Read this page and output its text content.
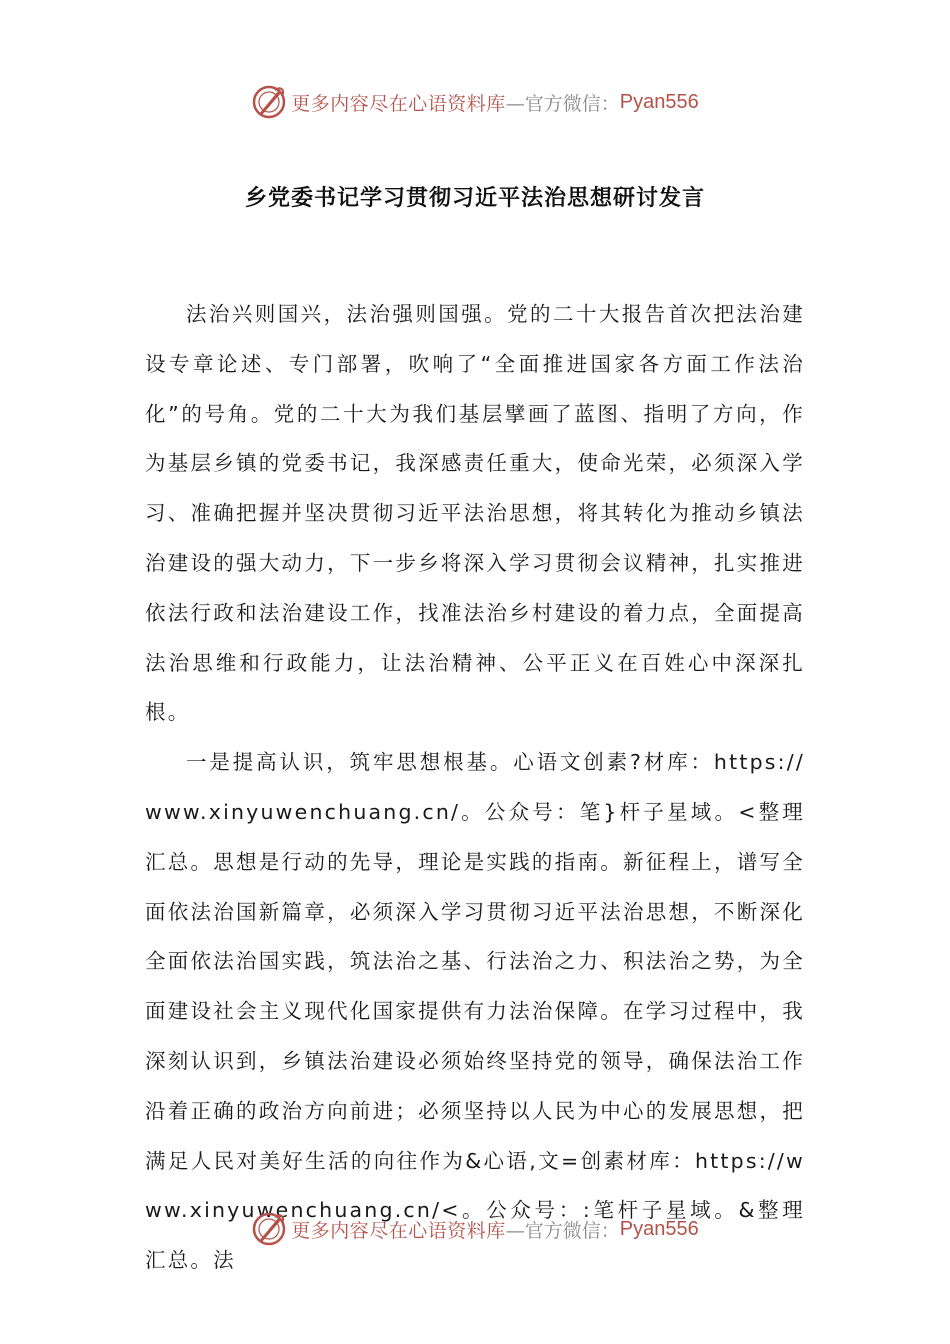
更多内容尽在心语资料库 —官方微信： Pyan556
乡党委书记学习贯彻习近平法治思想研讨发言

法治兴则国兴，法治强则国强。党的二十大报告首次把法治建设专章论述、专门部署，吹响了“全面推进国家各方面工作法治化”的号角。党的二十大为我们基层擘画了蓝图、指明了方向，作为基层乡镇的党委书记，我深感责任重大，使命光荣，必须深入学习、准确把握并坚决贯彻习近平法治思想，将其转化为推动乡镇法治建设的强大动力，下一步乡将深入学习贯彻会议精神，扎实推进依法行政和法治建设工作，找准法治乡村建设的着力点，全面提高法治思维和行政能力，让法治精神、公平正义在百姓心中深深扎根。

一是提高认识，筑牢思想根基。心语文创素?材库：https://www.xinyuwenchuang.cn/。公众号：笔}杆子星域。<整理汇总。思想是行动的先导，理论是实践的指南。新征程上，谱写全面依法治国新篇章，必须深入学习贯彻习近平法治思想，不断深化全面依法治国实践，筑法治之基、行法治之力、积法治之势，为全面建设社会主义现代化国家提供有力法治保障。在学习过程中，我深刻认识到，乡镇法治建设必须始终坚持党的领导，确保法治工作沿着正确的政治方向前进；必须坚持以人民为中心的发展思想，把满足人民对美好生活的向往作为&心语,文=创素材库：https://www.xinyuwenchuang.cn/<。公众号：:笔杆子星域。&整理汇总。法

更多内容尽在心语资料库 —官方微信： Pyan556
